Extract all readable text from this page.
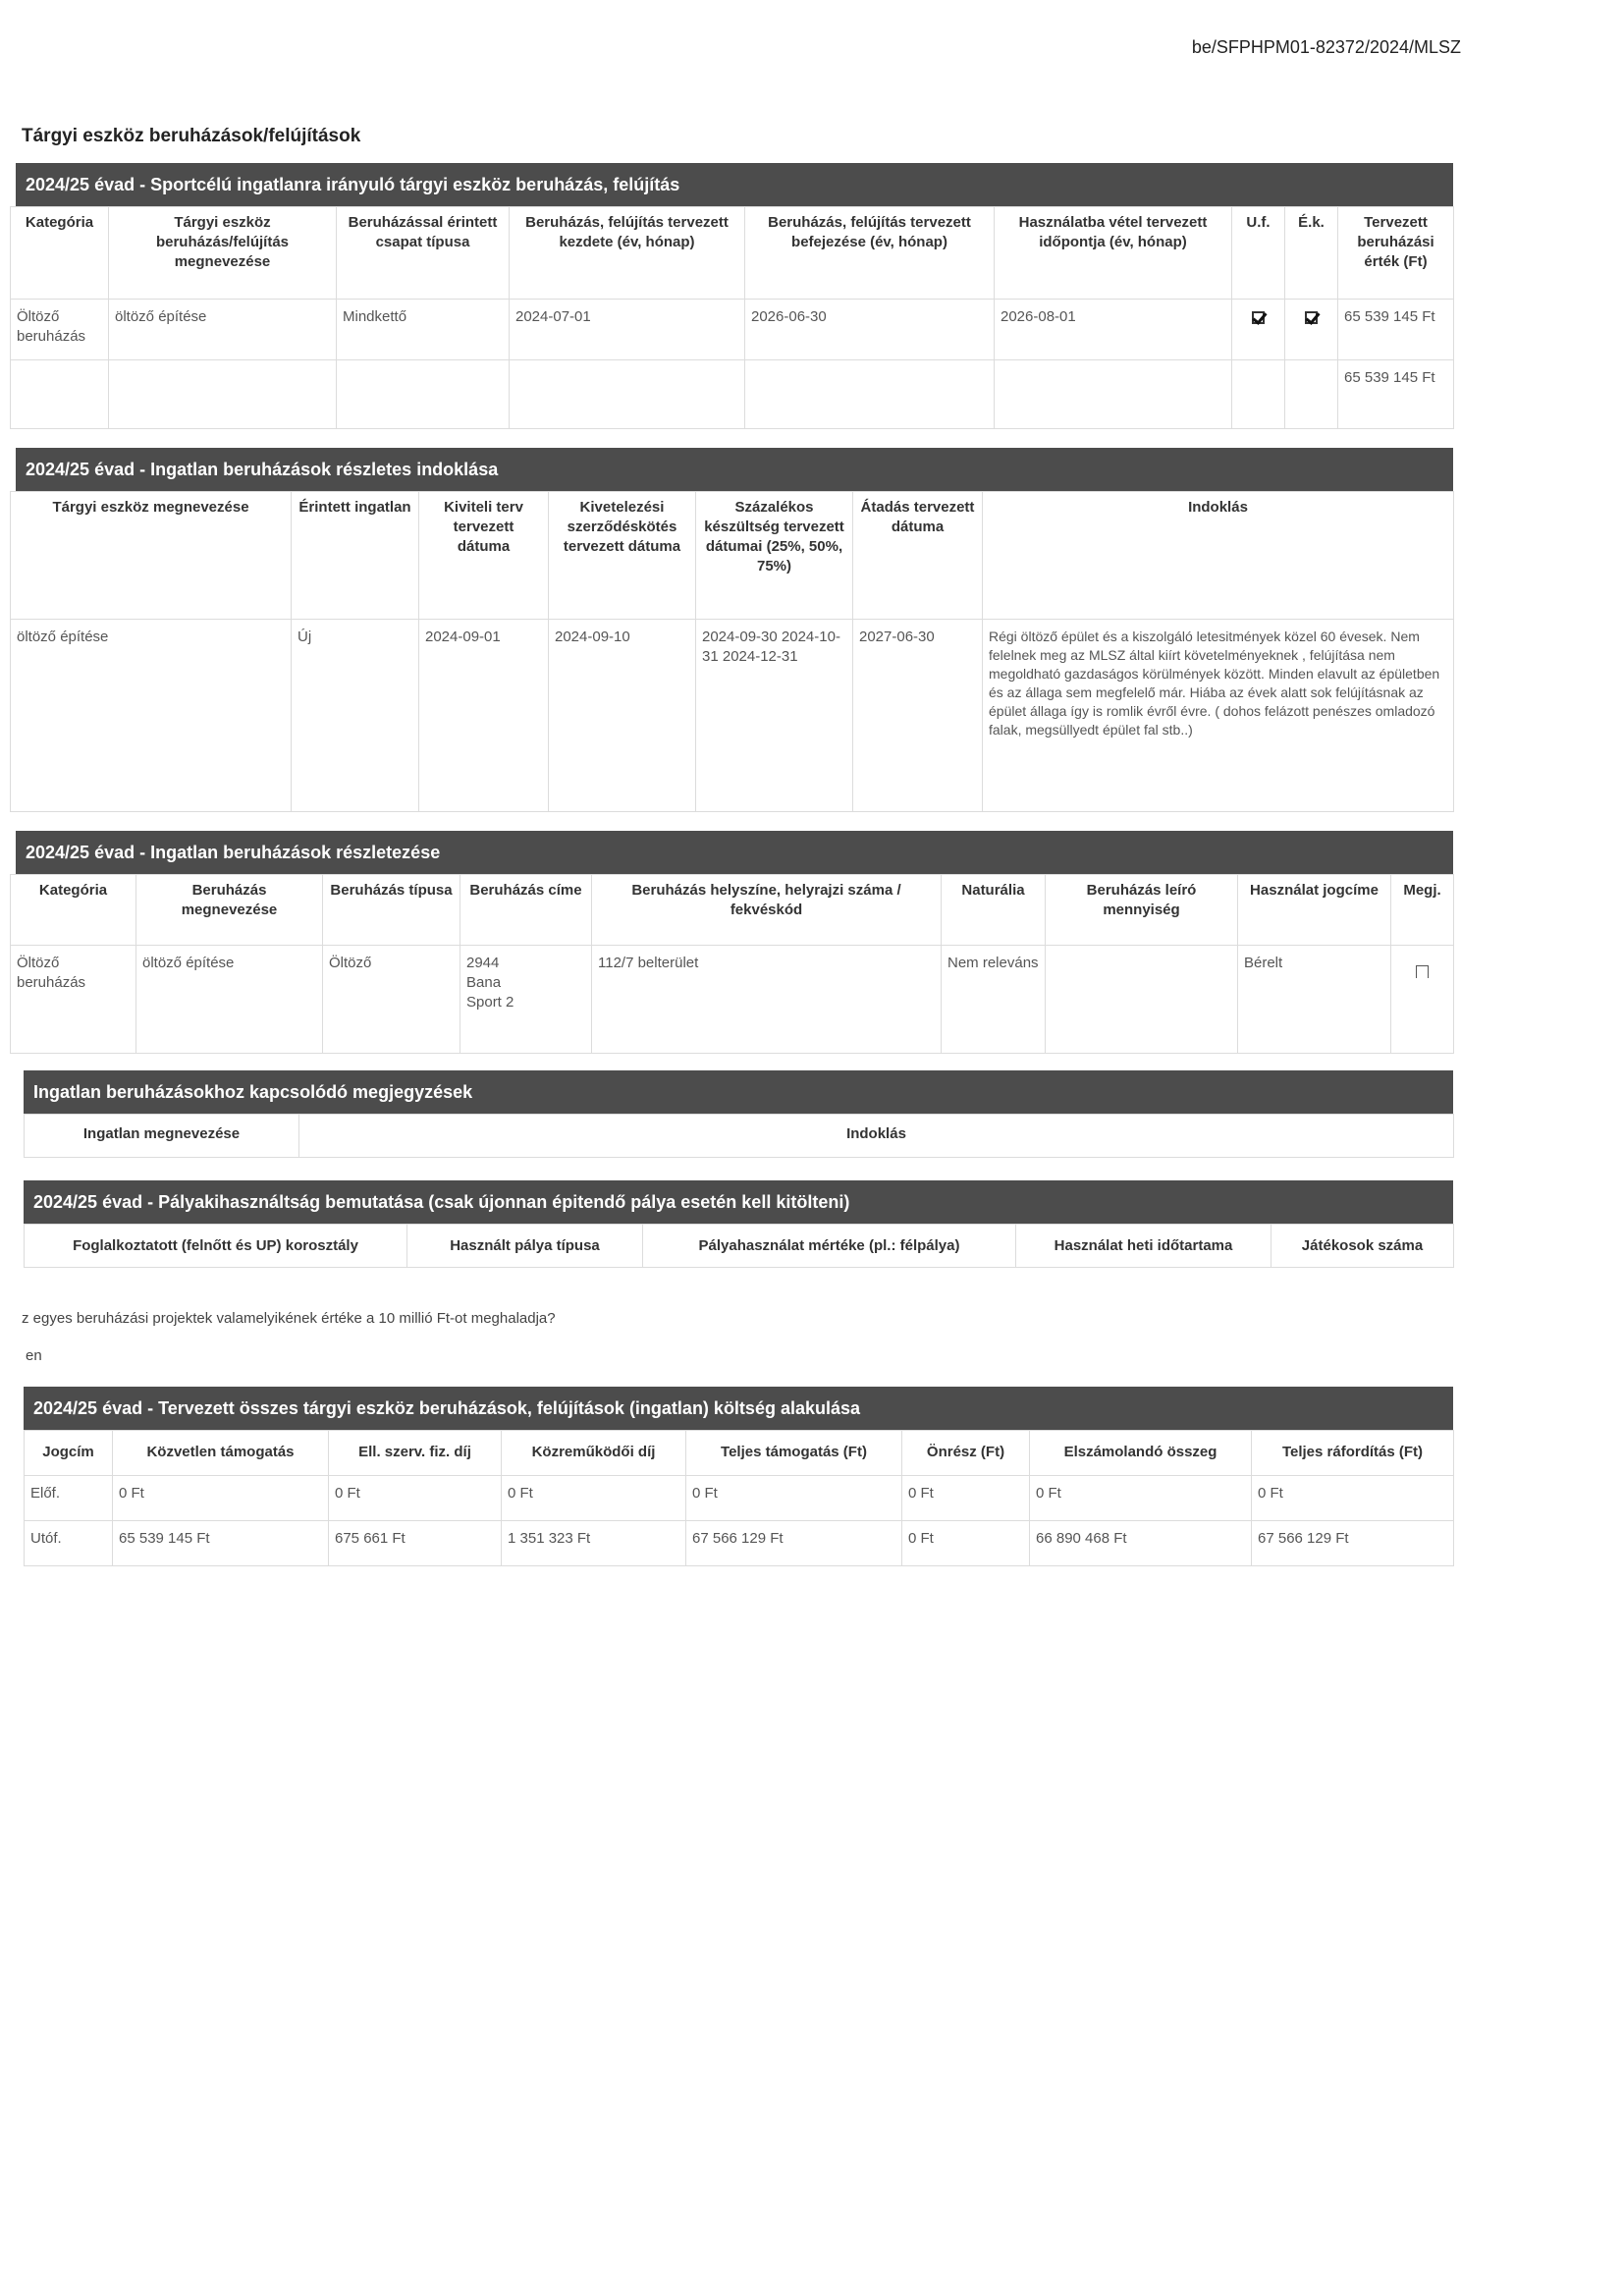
be/SFPHPM01-82372/2024/MLSZ
Tárgyi eszköz beruházások/felújítások
2024/25 évad - Sportcélú ingatlanra irányuló tárgyi eszköz beruházás, felújítás
Kategória	Tárgyi eszköz beruházás/felújítás megnevezése	Beruházással érintett csapat típusa	Beruházás, felújítás tervezett kezdete (év, hónap)	Beruházás, felújítás tervezett befejezése (év, hónap)	Használatba vétel tervezett időpontja (év, hónap)	U.f.	É.k.	Tervezett beruházási érték (Ft)
Öltöző beruházás	öltöző építése	Mindkettő	2024-07-01	2026-06-30	2026-08-01			65 539 145 Ft
								65 539 145 Ft
2024/25 évad - Ingatlan beruházások részletes indoklása
Tárgyi eszköz megnevezése	Érintett ingatlan	Kiviteli terv tervezett dátuma	Kivetelezési szerződéskötés tervezett dátuma	Százalékos készültség tervezett dátumai (25%, 50%, 75%)	Átadás tervezett dátuma	Indoklás
öltöző építése	Új	2024-09-01	2024-09-10	2024-09-30 2024-10-31 2024-12-31	2027-06-30	Régi öltöző épület és a kiszolgáló letesitmények közel 60 évesek. Nem felelnek meg az MLSZ által kiírt követelményeknek , felújítása nem megoldható gazdaságos körülmények között. Minden elavult az épületben és az állaga sem megfelelő már. Hiába az évek alatt sok felújításnak az épület állaga így is romlik évről évre. ( dohos felázott penészes omladozó falak, megsüllyedt épület fal stb..)
2024/25 évad - Ingatlan beruházások részletezése
Kategória	Beruházás megnevezése	Beruházás típusa	Beruházás címe	Beruházás helyszíne, helyrajzi száma / fekvéskód	Naturália	Beruházás leíró mennyiség	Használat jogcíme	Megj.
Öltöző beruházás	öltöző építése	Öltöző	2944 Bana Sport 2	112/7 belterület	Nem releváns		Bérelt	
Ingatlan beruházásokhoz kapcsolódó megjegyzések
Ingatlan megnevezése	Indoklás
2024/25 évad - Pályakihasználtság bemutatása (csak újonnan épitendő pálya esetén kell kitölteni)
Foglalkoztatott (felnőtt és UP) korosztály	Használt pálya típusa	Pályahasználat mértéke (pl.: félpálya)	Használat heti időtartama	Játékosok száma
z egyes beruházási projektek valamelyikének értéke a 10 millió Ft-ot meghaladja?
en
2024/25 évad - Tervezett összes tárgyi eszköz beruházások, felújítások (ingatlan) költség alakulása
Jogcím	Közvetlen támogatás	Ell. szerv. fiz. díj	Közreműködői díj	Teljes támogatás (Ft)	Önrész (Ft)	Elszámolandó összeg	Teljes ráfordítás (Ft)
Előf.	0 Ft	0 Ft	0 Ft	0 Ft	0 Ft	0 Ft	0 Ft
Utóf.	65 539 145 Ft	675 661 Ft	1 351 323 Ft	67 566 129 Ft	0 Ft	66 890 468 Ft	67 566 129 Ft
